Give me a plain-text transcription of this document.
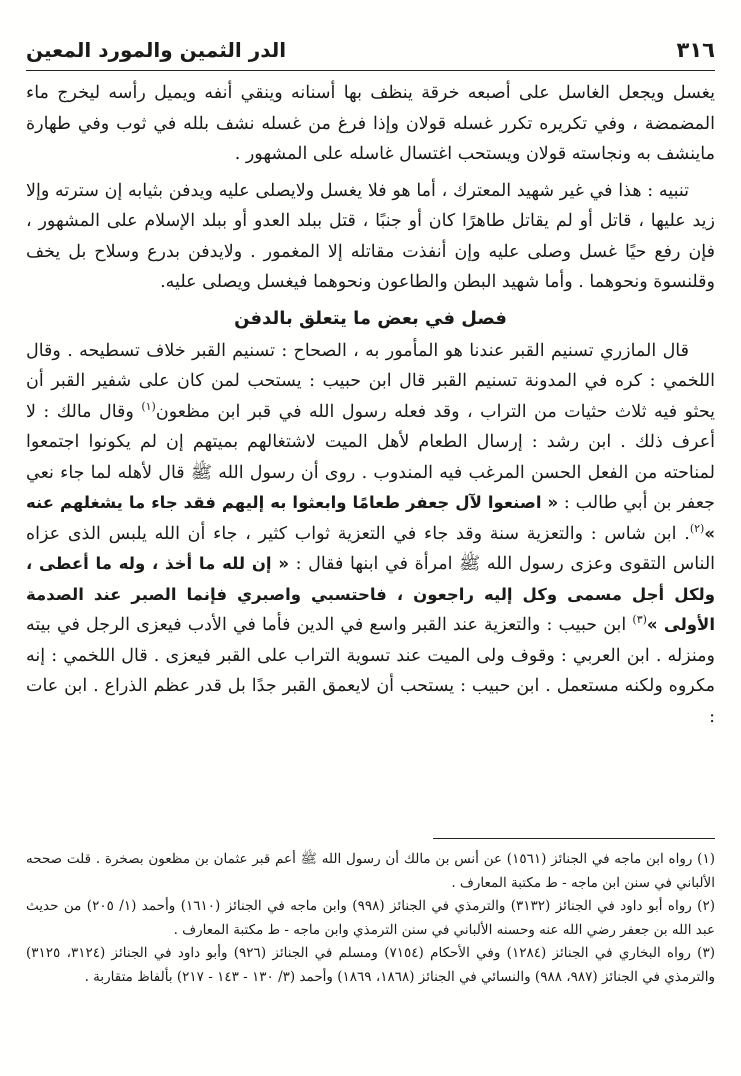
٣١٦
الدر الثمين والمورد المعين

يغسل ويجعل الغاسل على أصبعه خرقة ينظف بها أسنانه وينقي أنفه ويميل رأسه ليخرج ماء المضمضة ، وفي تكريره تكرر غسله قولان وإذا فرغ من غسله نشف بلله في ثوب وفي طهارة ماينشف به ونجاسته قولان ويستحب اغتسال غاسله على المشهور .

تنبيه : هذا في غير شهيد المعترك ، أما هو فلا يغسل ولايصلى عليه ويدفن بثيابه إن سترته وإلا زيد عليها ، قاتل أو لم يقاتل طاهرًا كان أو جنبًا ، قتل ببلد العدو أو ببلد الإسلام على المشهور ، فإن رفع حيًا غسل وصلى عليه وإن أنفذت مقاتله إلا المغمور . ولايدفن بدرع وسلاح بل يخف وقلنسوة ونحوهما . وأما شهيد البطن والطاعون ونحوهما فيغسل ويصلى عليه.

فصل في بعض ما يتعلق بالدفن

قال المازري تسنيم القبر عندنا هو المأمور به ، الصحاح : تسنيم القبر خلاف تسطيحه . وقال اللخمي : كره في المدونة تسنيم القبر قال ابن حبيب : يستحب لمن كان على شفير القبر أن يحثو فيه ثلاث حثيات من التراب ، وقد فعله رسول الله في قبر ابن مظعون$^{(١)}$ وقال مالك : لا أعرف ذلك . ابن رشد : إرسال الطعام لأهل الميت لاشتغالهم بميتهم إن لم يكونوا اجتمعوا لمناحته من الفعل الحسن المرغب فيه المندوب . روى أن رسول الله ﷺ قال لأهله لما جاء نعي جعفر بن أبي طالب : « اصنعوا لآل جعفر طعامًا وابعثوا به إليهم فقد جاء ما يشغلهم عنه »$^{(٢)}$. ابن شاس : والتعزية سنة وقد جاء في التعزية ثواب كثير ، جاء أن الله يلبس الذى عزاه الناس التقوى وعزى رسول الله ﷺ امرأة في ابنها فقال : « إن لله ما أخذ ، وله ما أعطى ، ولكل أجل مسمى وكل إليه راجعون ، فاحتسبي واصبري فإنما الصبر عند الصدمة الأولى »$^{(٣)}$ ابن حبيب : والتعزية عند القبر واسع في الدين فأما في الأدب فيعزى الرجل في بيته ومنزله . ابن العربي : وقوف ولى الميت عند تسوية التراب على القبر فيعزى . قال اللخمي : إنه مكروه ولكنه مستعمل . ابن حبيب : يستحب أن لايعمق القبر جدًا بل قدر عظم الذراع . ابن عات :

(١) رواه ابن ماجه في الجنائز (١٥٦١) عن أنس بن مالك أن رسول الله ﷺ أعم قبر عثمان بن مظعون بصخرة . قلت صححه الألباني في سنن ابن ماجه - ط مكتبة المعارف .

(٢) رواه أبو داود في الجنائز (٣١٣٢) والترمذي في الجنائز (٩٩٨) وابن ماجه في الجنائز (١٦١٠) وأحمد (١/ ٢٠٥) من حديث عبد الله بن جعفر رضي الله عنه وحسنه الألباني في سنن الترمذي وابن ماجه - ط مكتبة المعارف .

(٣) رواه البخاري في الجنائز (١٢٨٤) وفي الأحكام (٧١٥٤) ومسلم في الجنائز (٩٢٦) وأبو داود في الجنائز (٣١٢٤، ٣١٢٥) والترمذي في الجنائز (٩٨٧، ٩٨٨) والنسائي في الجنائز (١٨٦٨، ١٨٦٩) وأحمد (٣/ ١٣٠ - ١٤٣ - ٢١٧) بألفاظ متقاربة .
